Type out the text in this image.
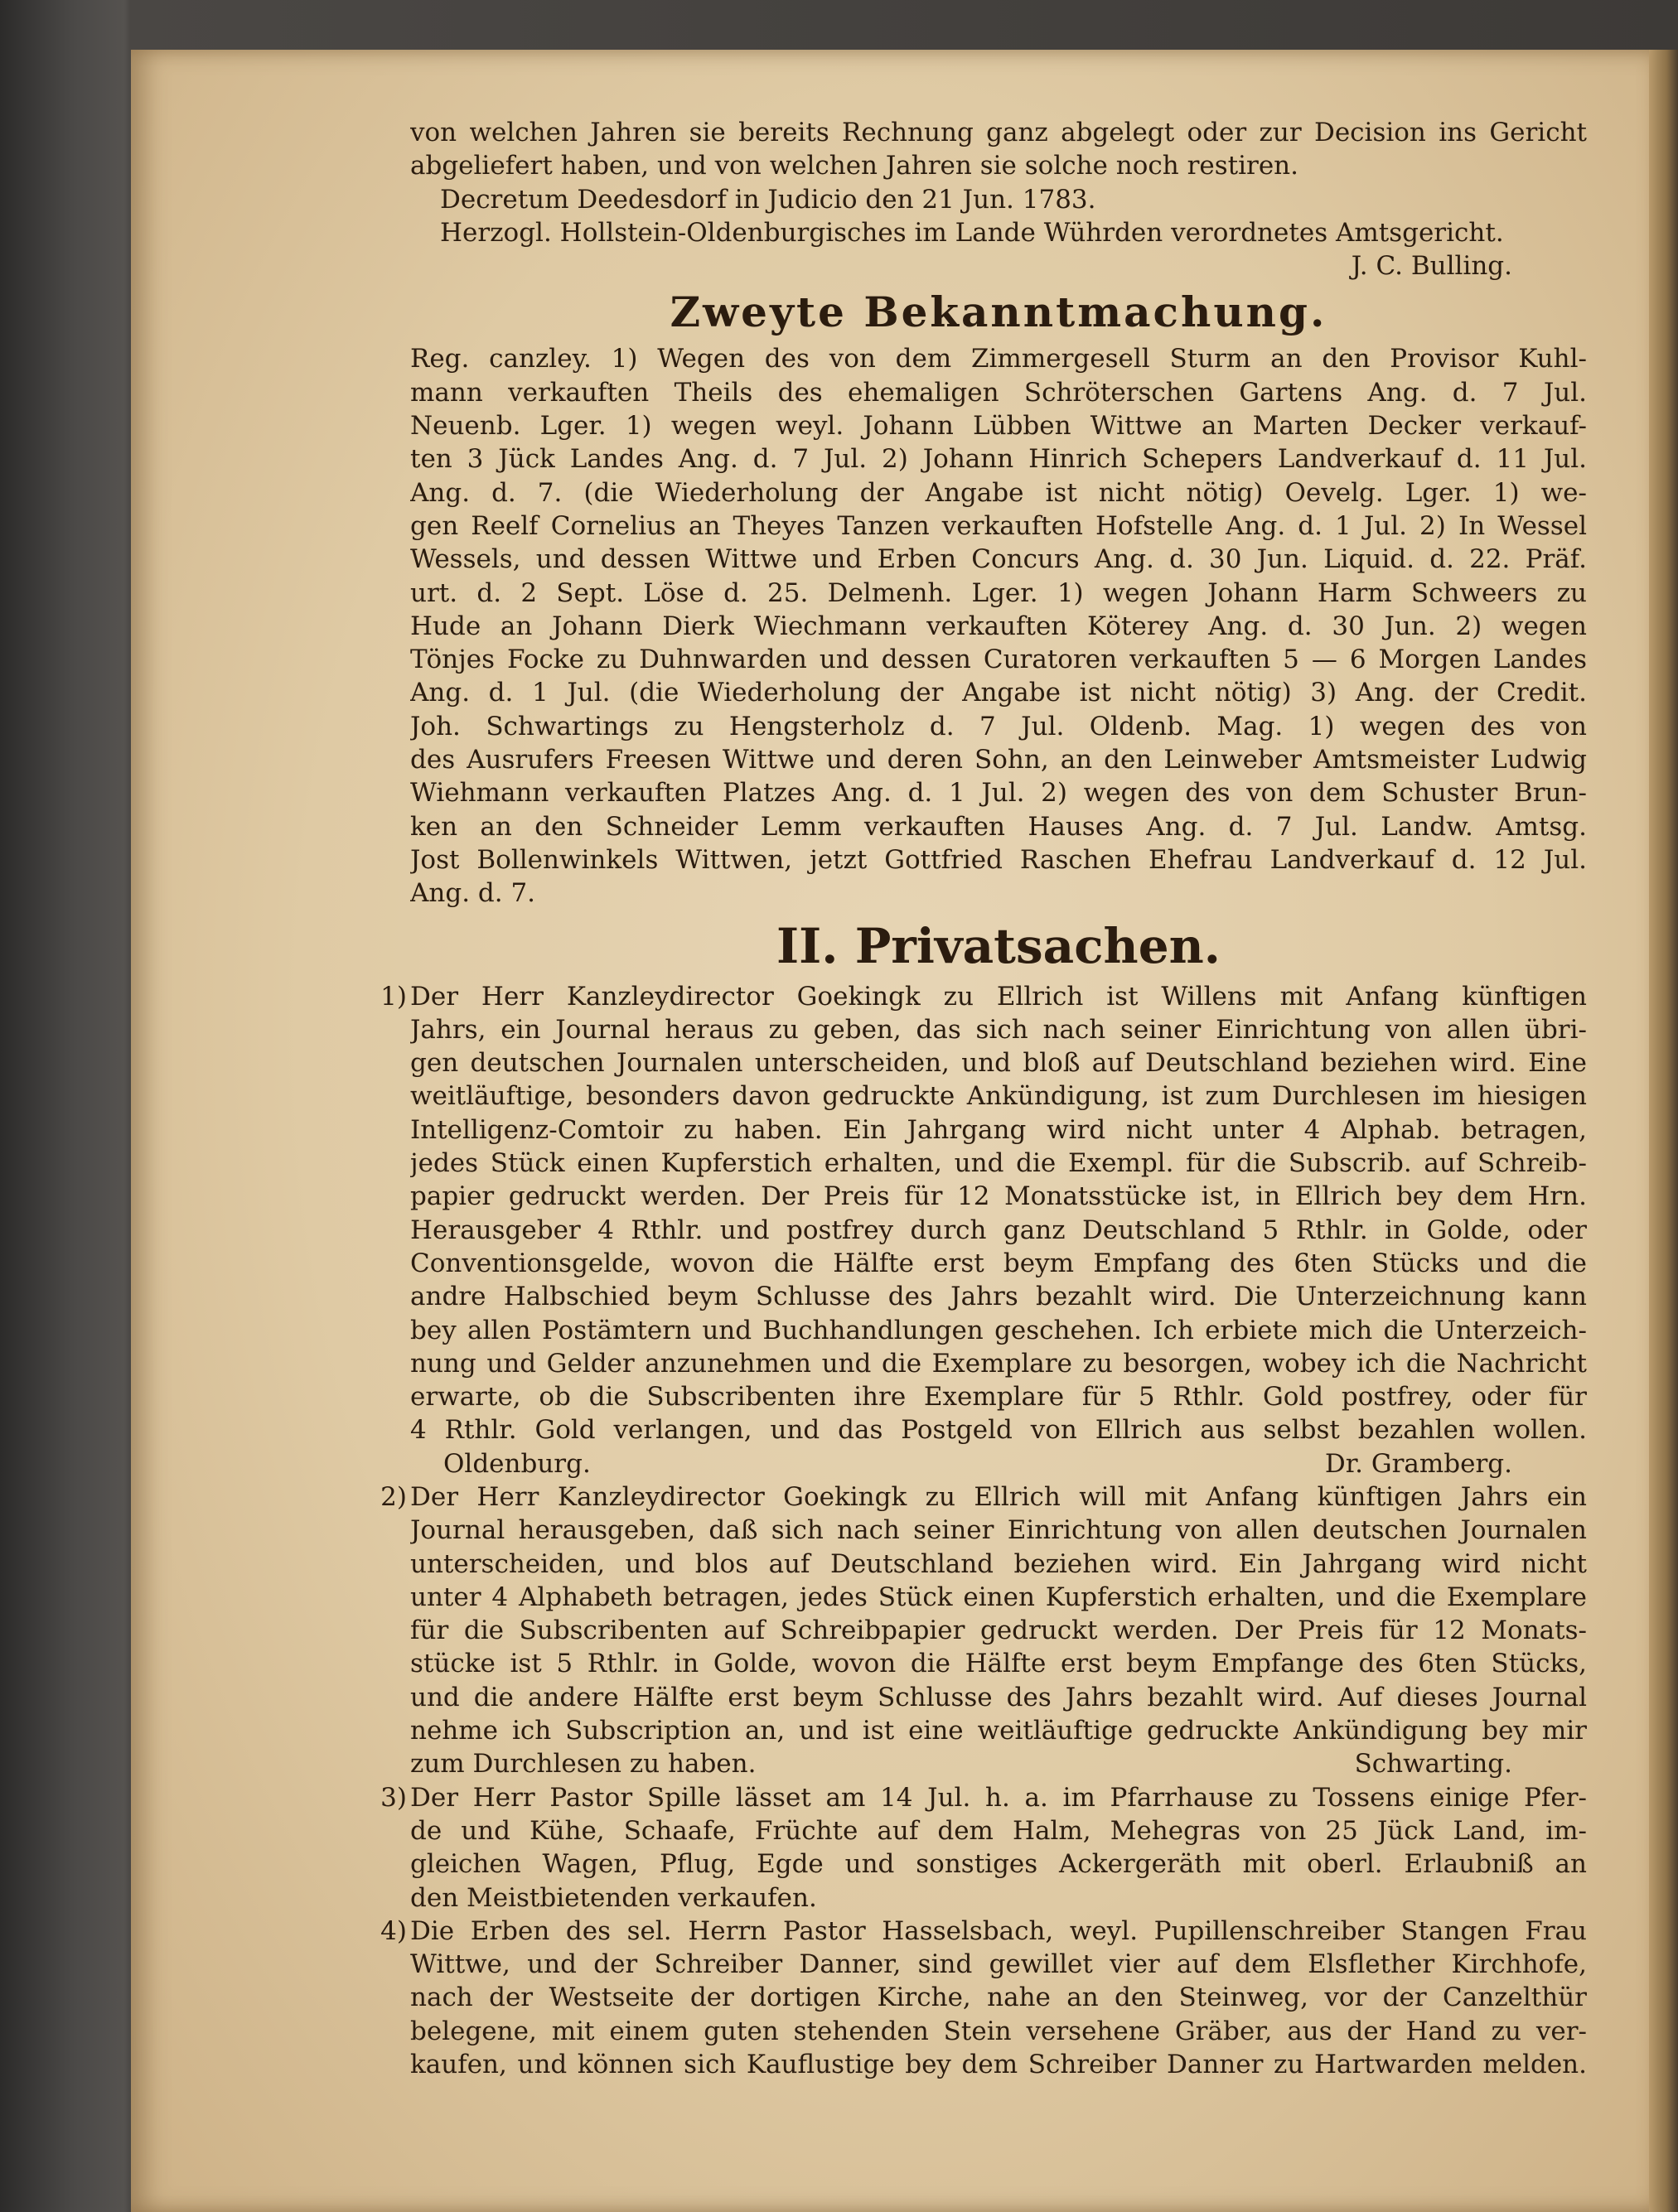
von welchen Jahren sie bereits Rechnung ganz abgelegt oder zur Decision ins Gericht
abgeliefert haben, und von welchen Jahren sie solche noch restiren.
Decretum Deedesdorf in Judicio den 21 Jun. 1783.
Herzogl. Hollstein-Oldenburgisches im Lande Wührden verordnetes Amtsgericht.
J. C. Bulling.
Zweyte Bekanntmachung.
Reg. canzley. 1) Wegen des von dem Zimmergesell Sturm an den Provisor Kuhl-
mann verkauften Theils des ehemaligen Schröterschen Gartens Ang. d. 7 Jul.
Neuenb. Lger. 1) wegen weyl. Johann Lübben Wittwe an Marten Decker verkauf-
ten 3 Jück Landes Ang. d. 7 Jul. 2) Johann Hinrich Schepers Landverkauf d. 11 Jul.
Ang. d. 7. (die Wiederholung der Angabe ist nicht nötig) Oevelg. Lger. 1) we-
gen Reelf Cornelius an Theyes Tanzen verkauften Hofstelle Ang. d. 1 Jul. 2) In Wessel
Wessels, und dessen Wittwe und Erben Concurs Ang. d. 30 Jun. Liquid. d. 22. Präf.
urt. d. 2 Sept. Löse d. 25. Delmenh. Lger. 1) wegen Johann Harm Schweers zu
Hude an Johann Dierk Wiechmann verkauften Köterey Ang. d. 30 Jun. 2) wegen
Tönjes Focke zu Duhnwarden und dessen Curatoren verkauften 5 — 6 Morgen Landes
Ang. d. 1 Jul. (die Wiederholung der Angabe ist nicht nötig) 3) Ang. der Credit.
Joh. Schwartings zu Hengsterholz d. 7 Jul. Oldenb. Mag. 1) wegen des von
des Ausrufers Freesen Wittwe und deren Sohn, an den Leinweber Amtsmeister Ludwig
Wiehmann verkauften Platzes Ang. d. 1 Jul. 2) wegen des von dem Schuster Brun-
ken an den Schneider Lemm verkauften Hauses Ang. d. 7 Jul. Landw. Amtsg.
Jost Bollenwinkels Wittwen, jetzt Gottfried Raschen Ehefrau Landverkauf d. 12 Jul.
Ang. d. 7.
II. Privatsachen.
1) Der Herr Kanzleydirector Goekingk zu Ellrich ist Willens mit Anfang künftigen
Jahrs, ein Journal heraus zu geben, das sich nach seiner Einrichtung von allen übri-
gen deutschen Journalen unterscheiden, und bloß auf Deutschland beziehen wird. Eine
weitläuftige, besonders davon gedruckte Ankündigung, ist zum Durchlesen im hiesigen
Intelligenz-Comtoir zu haben. Ein Jahrgang wird nicht unter 4 Alphab. betragen,
jedes Stück einen Kupferstich erhalten, und die Exempl. für die Subscrib. auf Schreib-
papier gedruckt werden. Der Preis für 12 Monatsstücke ist, in Ellrich bey dem Hrn.
Herausgeber 4 Rthlr. und postfrey durch ganz Deutschland 5 Rthlr. in Golde, oder
Conventionsgelde, wovon die Hälfte erst beym Empfang des 6ten Stücks und die
andre Halbschied beym Schlusse des Jahrs bezahlt wird. Die Unterzeichnung kann
bey allen Postämtern und Buchhandlungen geschehen. Ich erbiete mich die Unterzeich-
nung und Gelder anzunehmen und die Exemplare zu besorgen, wobey ich die Nachricht
erwarte, ob die Subscribenten ihre Exemplare für 5 Rthlr. Gold postfrey, oder für
4 Rthlr. Gold verlangen, und das Postgeld von Ellrich aus selbst bezahlen wollen.
Oldenburg.	Dr. Gramberg.
2) Der Herr Kanzleydirector Goekingk zu Ellrich will mit Anfang künftigen Jahrs ein
Journal herausgeben, daß sich nach seiner Einrichtung von allen deutschen Journalen
unterscheiden, und blos auf Deutschland beziehen wird. Ein Jahrgang wird nicht
unter 4 Alphabeth betragen, jedes Stück einen Kupferstich erhalten, und die Exemplare
für die Subscribenten auf Schreibpapier gedruckt werden. Der Preis für 12 Monats-
stücke ist 5 Rthlr. in Golde, wovon die Hälfte erst beym Empfange des 6ten Stücks,
und die andere Hälfte erst beym Schlusse des Jahrs bezahlt wird. Auf dieses Journal
nehme ich Subscription an, und ist eine weitläuftige gedruckte Ankündigung bey mir
zum Durchlesen zu haben.	Schwarting.
3) Der Herr Pastor Spille lässet am 14 Jul. h. a. im Pfarrhause zu Tossens einige Pfer-
de und Kühe, Schaafe, Früchte auf dem Halm, Mehegras von 25 Jück Land, im-
gleichen Wagen, Pflug, Egde und sonstiges Ackergeräth mit oberl. Erlaubniß an
den Meistbietenden verkaufen.
4) Die Erben des sel. Herrn Pastor Hasselsbach, weyl. Pupillenschreiber Stangen Frau
Wittwe, und der Schreiber Danner, sind gewillet vier auf dem Elsflether Kirchhofe,
nach der Westseite der dortigen Kirche, nahe an den Steinweg, vor der Canzelthür
belegene, mit einem guten stehenden Stein versehene Gräber, aus der Hand zu ver-
kaufen, und können sich Kauflustige bey dem Schreiber Danner zu Hartwarden melden.
